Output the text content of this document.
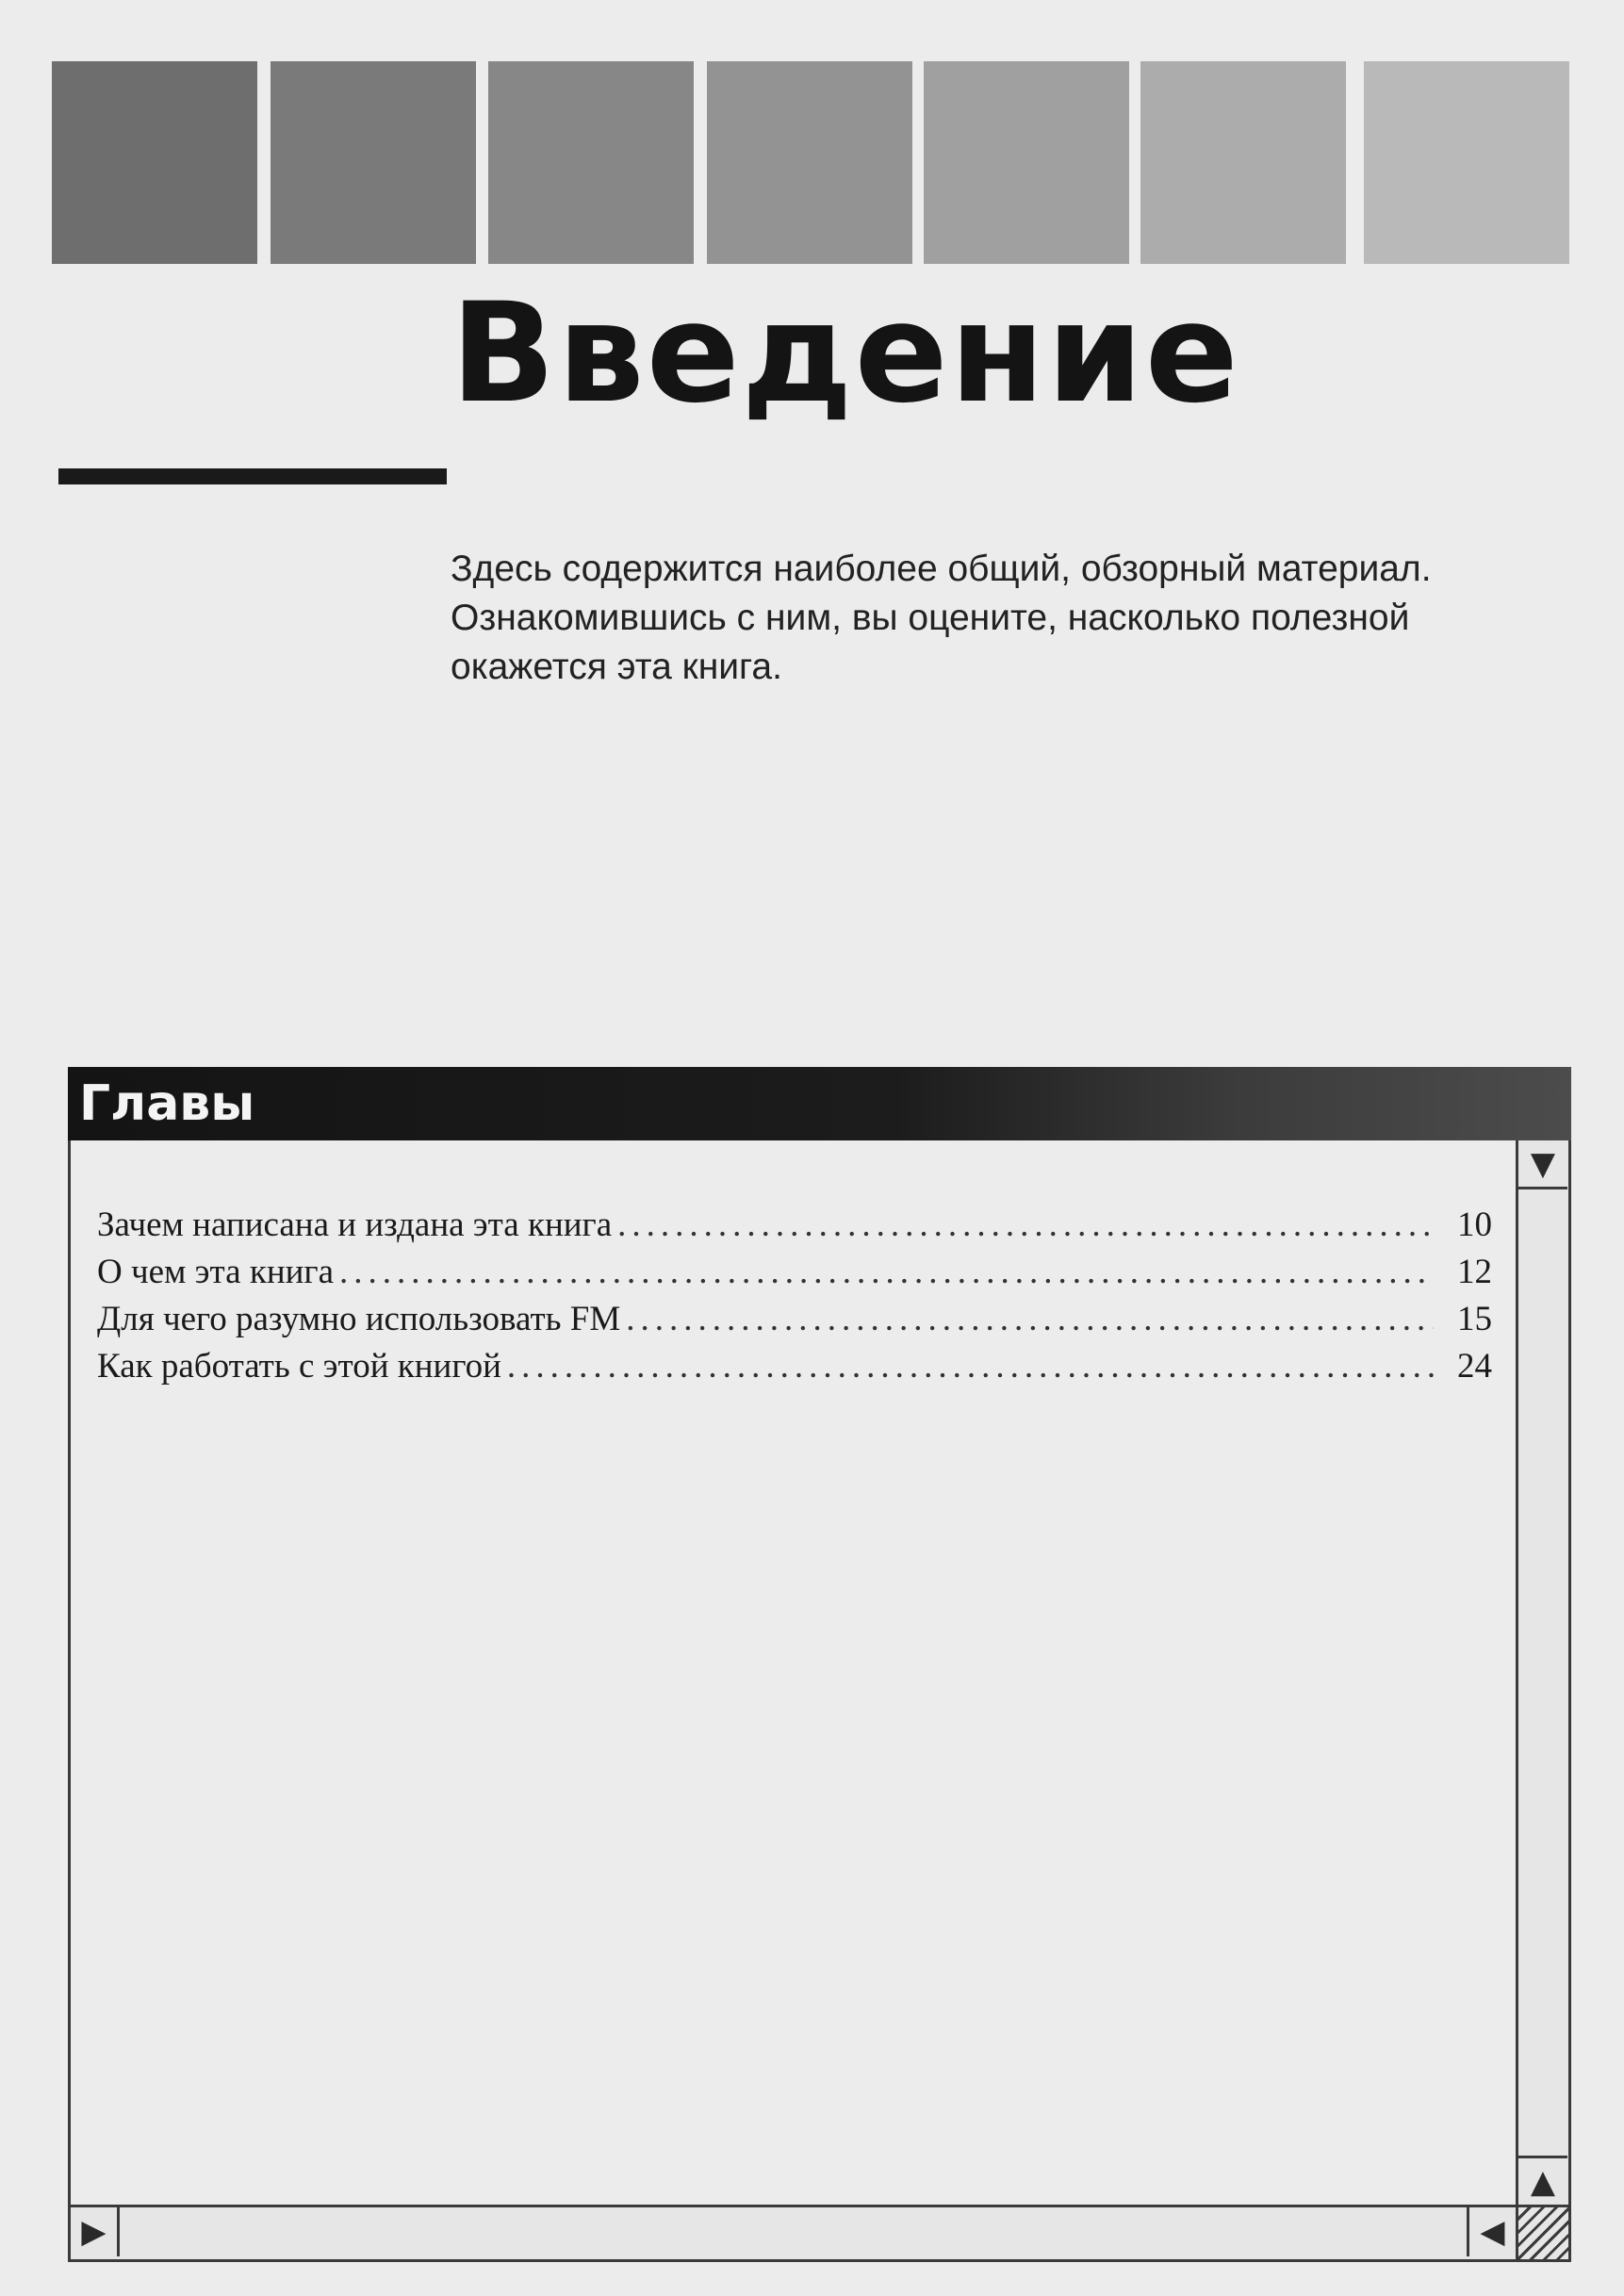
Введение
Здесь содержится наиболее общий, обзорный материал.
Ознакомившись с ним, вы оцените, насколько полезной
окажется эта книга.
Главы
Зачем написана и издана эта книга .....	10
О чем эта книга .....	12
Для чего разумно использовать FM .....	15
Как работать с этой книгой .....	24
▼
▲
▶	◀
